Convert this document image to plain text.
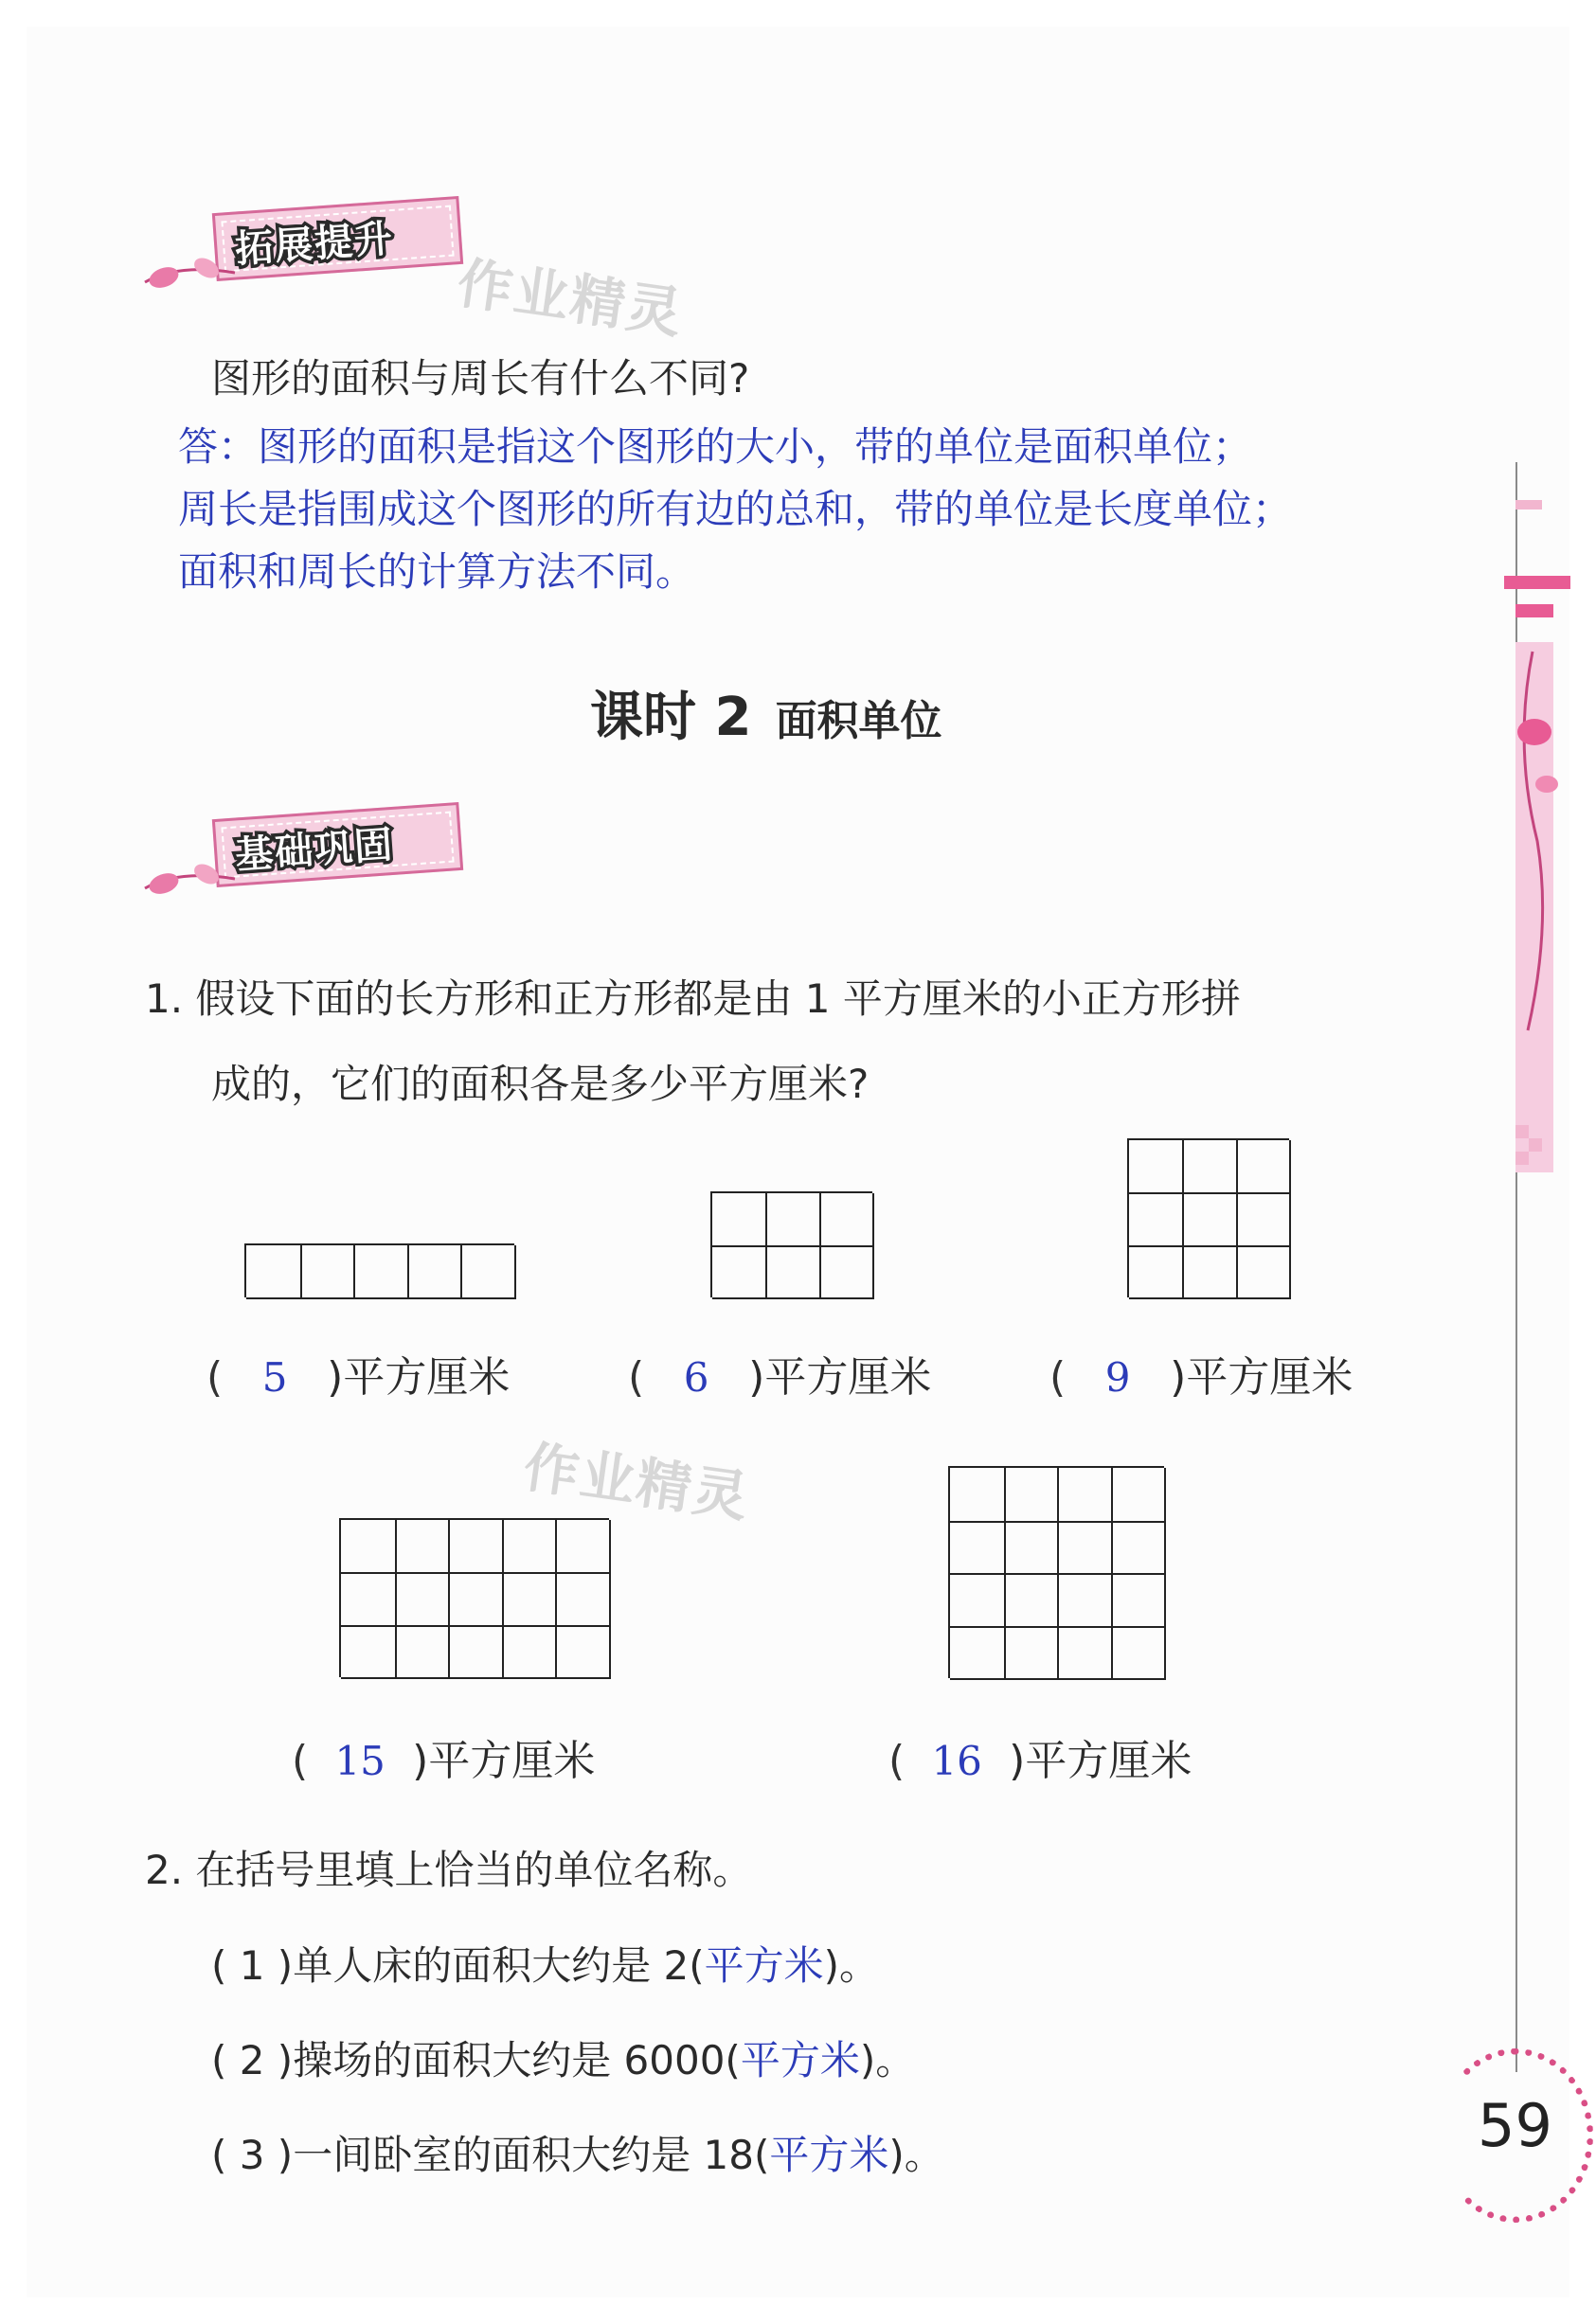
拓展提升
作业精灵
图形的面积与周长有什么不同?
答：图形的面积是指这个图形的大小，带的单位是面积单位；
周长是指围成这个图形的所有边的总和，带的单位是长度单位；
面积和周长的计算方法不同。
课时 2 面积单位
基础巩固
1. 假设下面的长方形和正方形都是由 1 平方厘米的小正方形拼
成的，它们的面积各是多少平方厘米?
( 5 )平方厘米	( 6 )平方厘米	( 9 )平方厘米
作业精灵
( 15 )平方厘米	( 16 )平方厘米
2. 在括号里填上恰当的单位名称。
( 1 )单人床的面积大约是 2(平方米)。
( 2 )操场的面积大约是 6000(平方米)。
( 3 )一间卧室的面积大约是 18(平方米)。	59
